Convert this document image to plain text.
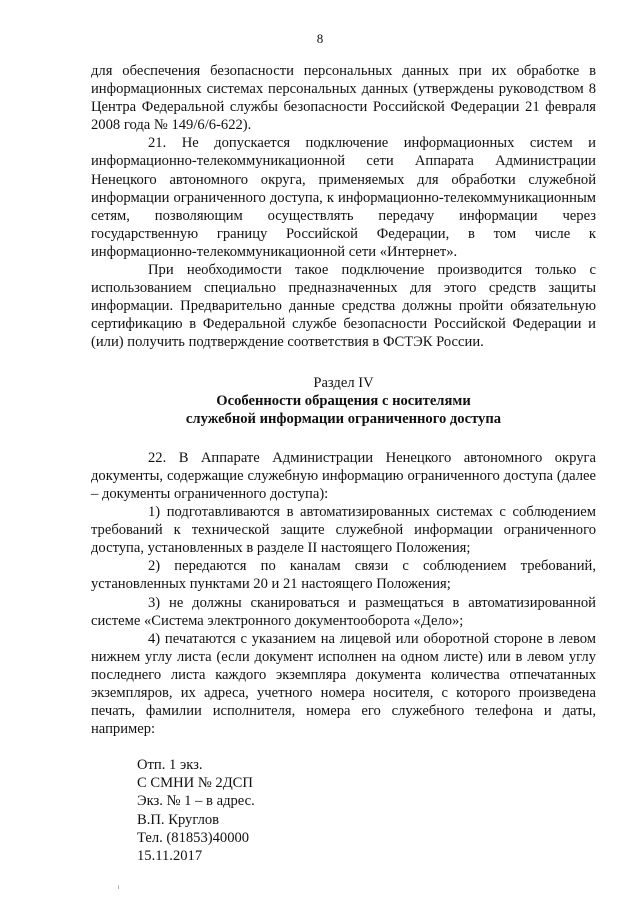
8

для обеспечения безопасности персональных данных при их обработке в информационных системах персональных данных (утверждены руководством 8 Центра Федеральной службы безопасности Российской Федерации 21 февраля 2008 года № 149/6/6-622).

21. Не допускается подключение информационных систем и информационно-телекоммуникационной сети Аппарата Администрации Ненецкого автономного округа, применяемых для обработки служебной информации ограниченного доступа, к информационно-телекоммуникационным сетям, позволяющим осуществлять передачу информации через государственную границу Российской Федерации, в том числе к информационно-телекоммуникационной сети «Интернет».

При необходимости такое подключение производится только с использованием специально предназначенных для этого средств защиты информации. Предварительно данные средства должны пройти обязательную сертификацию в Федеральной службе безопасности Российской Федерации и (или) получить подтверждение соответствия в ФСТЭК России.

Раздел IV

Особенности обращения с носителями

служебной информации ограниченного доступа

22. В Аппарате Администрации Ненецкого автономного округа документы, содержащие служебную информацию ограниченного доступа (далее – документы ограниченного доступа):

1) подготавливаются в автоматизированных системах с соблюдением требований к технической защите служебной информации ограниченного доступа, установленных в разделе II настоящего Положения;

2) передаются по каналам связи с соблюдением требований, установленных пунктами 20 и 21 настоящего Положения;

3) не должны сканироваться и размещаться в автоматизированной системе «Система электронного документооборота «Дело»;

4) печатаются с указанием на лицевой или оборотной стороне в левом нижнем углу листа (если документ исполнен на одном листе) или в левом углу последнего листа каждого экземпляра документа количества отпечатанных экземпляров, их адреса, учетного номера носителя, с которого произведена печать, фамилии исполнителя, номера его служебного телефона и даты, например:

Отп. 1 экз.

С СМНИ № 2ДСП

Экз. № 1 – в адрес.

В.П. Круглов

Тел. (81853)40000

15.11.2017
